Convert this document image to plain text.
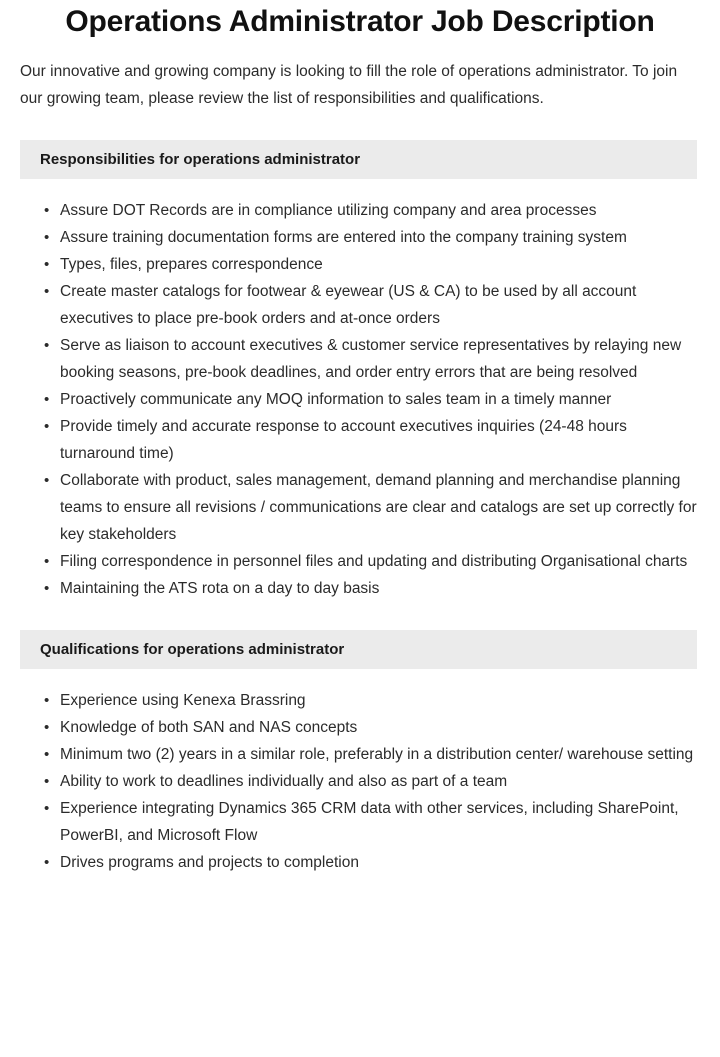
Operations Administrator Job Description

Our innovative and growing company is looking to fill the role of operations administrator. To join our growing team, please review the list of responsibilities and qualifications.

Responsibilities for operations administrator
• Assure DOT Records are in compliance utilizing company and area processes
• Assure training documentation forms are entered into the company training system
• Types, files, prepares correspondence
• Create master catalogs for footwear & eyewear (US & CA) to be used by all account executives to place pre-book orders and at-once orders
• Serve as liaison to account executives & customer service representatives by relaying new booking seasons, pre-book deadlines, and order entry errors that are being resolved
• Proactively communicate any MOQ information to sales team in a timely manner
• Provide timely and accurate response to account executives inquiries (24-48 hours turnaround time)
• Collaborate with product, sales management, demand planning and merchandise planning teams to ensure all revisions / communications are clear and catalogs are set up correctly for key stakeholders
• Filing correspondence in personnel files and updating and distributing Organisational charts
• Maintaining the ATS rota on a day to day basis
Qualifications for operations administrator
• Experience using Kenexa Brassring
• Knowledge of both SAN and NAS concepts
• Minimum two (2) years in a similar role, preferably in a distribution center/ warehouse setting
• Ability to work to deadlines individually and also as part of a team
• Experience integrating Dynamics 365 CRM data with other services, including SharePoint, PowerBI, and Microsoft Flow
• Drives programs and projects to completion
